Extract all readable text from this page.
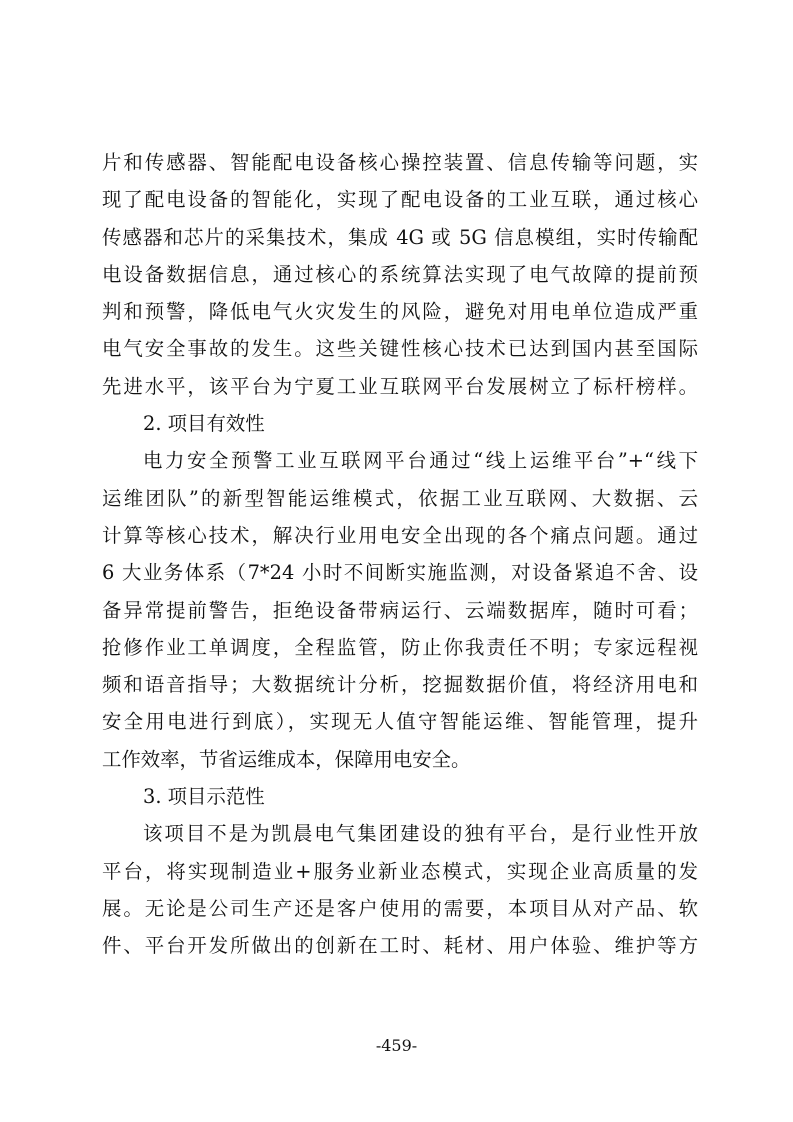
片和传感器、智能配电设备核心操控装置、信息传输等问题，实
现了配电设备的智能化，实现了配电设备的工业互联，通过核心
传感器和芯片的采集技术，集成 4G 或 5G 信息模组，实时传输配
电设备数据信息，通过核心的系统算法实现了电气故障的提前预
判和预警，降低电气火灾发生的风险，避免对用电单位造成严重
电气安全事故的发生。这些关键性核心技术已达到国内甚至国际
先进水平，该平台为宁夏工业互联网平台发展树立了标杆榜样。
2. 项目有效性
电力安全预警工业互联网平台通过“线上运维平台”+“线下
运维团队”的新型智能运维模式，依据工业互联网、大数据、云
计算等核心技术，解决行业用电安全出现的各个痛点问题。通过
6 大业务体系（7*24 小时不间断实施监测，对设备紧追不舍、设
备异常提前警告，拒绝设备带病运行、云端数据库，随时可看；
抢修作业工单调度，全程监管，防止你我责任不明；专家远程视
频和语音指导；大数据统计分析，挖掘数据价值，将经济用电和
安全用电进行到底），实现无人值守智能运维、智能管理，提升
工作效率，节省运维成本，保障用电安全。
3. 项目示范性
该项目不是为凯晨电气集团建设的独有平台，是行业性开放
平台，将实现制造业+服务业新业态模式，实现企业高质量的发
展。无论是公司生产还是客户使用的需要，本项目从对产品、软
件、平台开发所做出的创新在工时、耗材、用户体验、维护等方
-459-
